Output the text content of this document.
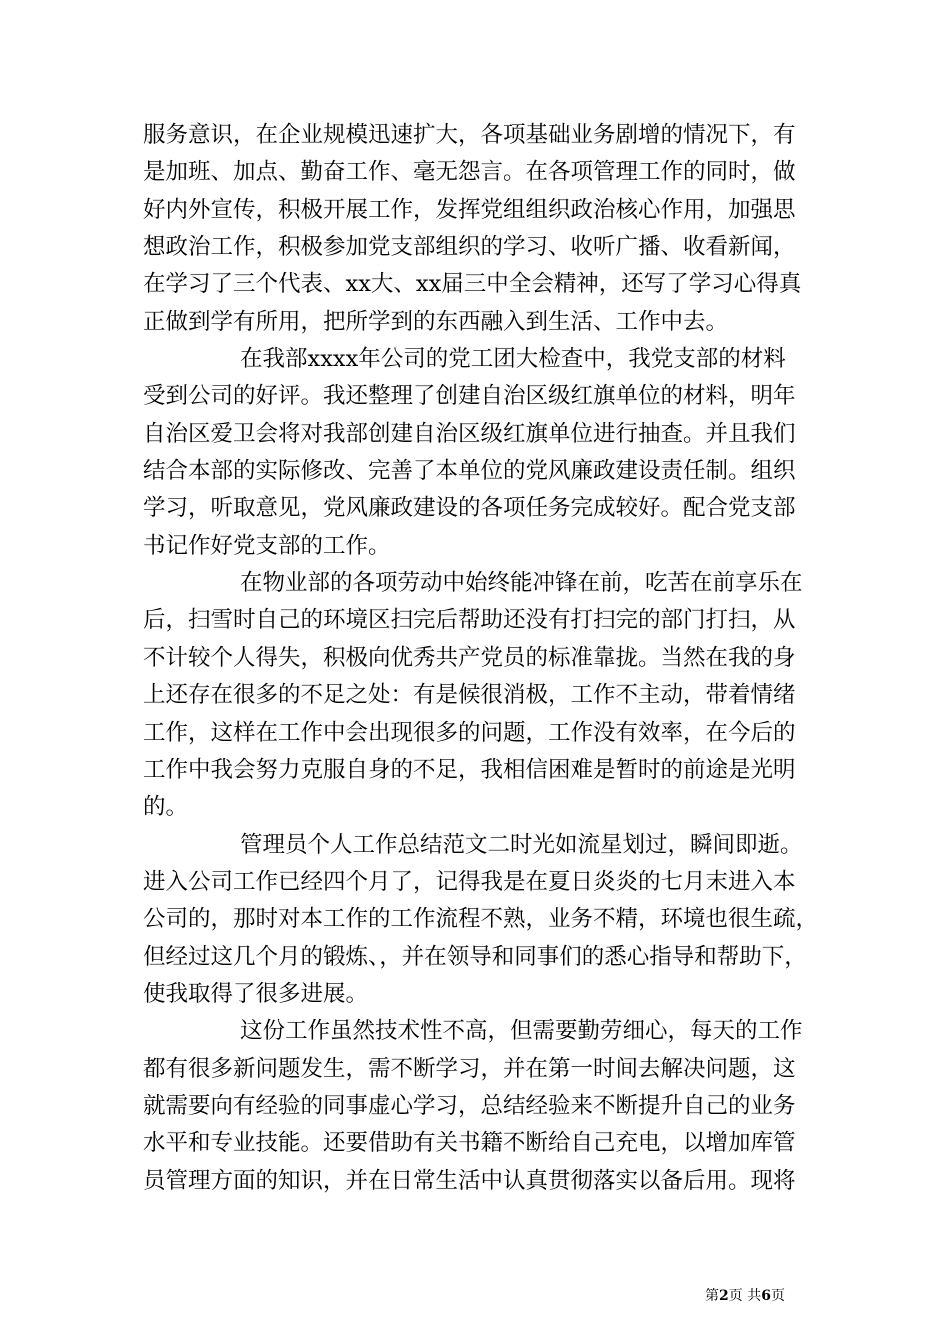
服务意识，在企业规模迅速扩大，各项基础业务剧增的情况下，有
是加班、加点、勤奋工作、毫无怨言。在各项管理工作的同时，做
好内外宣传，积极开展工作，发挥党组组织政治核心作用，加强思
想政治工作，积极参加党支部组织的学习、收听广播、收看新闻，
在学习了三个代表、xx大、xx届三中全会精神，还写了学习心得真
正做到学有所用，把所学到的东西融入到生活、工作中去。
在我部xxxx年公司的党工团大检查中，我党支部的材料
受到公司的好评。我还整理了创建自治区级红旗单位的材料，明年
自治区爱卫会将对我部创建自治区级红旗单位进行抽查。并且我们
结合本部的实际修改、完善了本单位的党风廉政建设责任制。组织
学习，听取意见，党风廉政建设的各项任务完成较好。配合党支部
书记作好党支部的工作。
在物业部的各项劳动中始终能冲锋在前，吃苦在前享乐在
后，扫雪时自己的环境区扫完后帮助还没有打扫完的部门打扫，从
不计较个人得失，积极向优秀共产党员的标准靠拢。当然在我的身
上还存在很多的不足之处：有是候很消极，工作不主动，带着情绪
工作，这样在工作中会出现很多的问题，工作没有效率，在今后的
工作中我会努力克服自身的不足，我相信困难是暂时的前途是光明
的。
管理员个人工作总结范文二时光如流星划过，瞬间即逝。
进入公司工作已经四个月了，记得我是在夏日炎炎的七月末进入本
公司的，那时对本工作的工作流程不熟，业务不精，环境也很生疏，
但经过这几个月的锻炼、，并在领导和同事们的悉心指导和帮助下，
使我取得了很多进展。
这份工作虽然技术性不高，但需要勤劳细心，每天的工作
都有很多新问题发生，需不断学习，并在第一时间去解决问题，这
就需要向有经验的同事虚心学习，总结经验来不断提升自己的业务
水平和专业技能。还要借助有关书籍不断给自己充电，以增加库管
员管理方面的知识，并在日常生活中认真贯彻落实以备后用。现将
第2页 共6页
